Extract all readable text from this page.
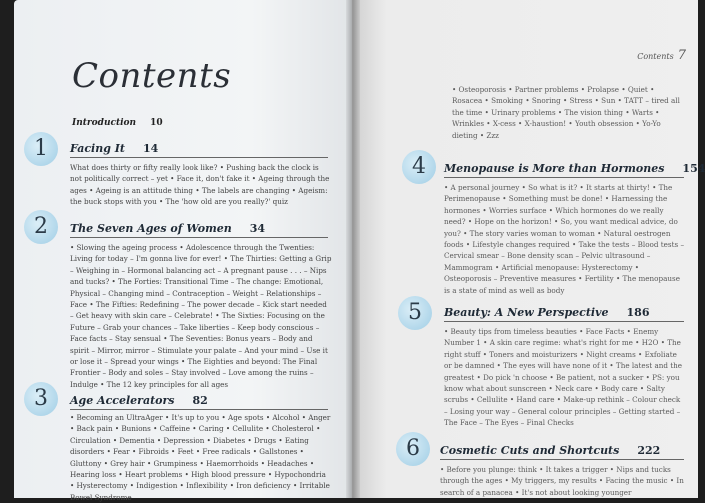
Contents
Introduction 10
1	Facing It 14
What does thirty or fifty really look like? • Pushing back the clock is not politically correct – yet • Face it, don't fake it • Ageing through the ages • Ageing is an attitude thing • The labels are changing • Ageism: the buck stops with you • The 'how old are you really?' quiz
2	The Seven Ages of Women 34
• Slowing the ageing process • Adolescence through the Twenties: Living for today – I'm gonna live for ever! • The Thirties: Getting a Grip – Weighing in – Hormonal balancing act – A pregnant pause . . . – Nips and tucks? • The Forties: Transitional Time – The change: Emotional, Physical – Changing mind – Contraception – Weight – Relationships – Face • The Fifties: Redefining – The power decade – Kick start needed – Get heavy with skin care – Celebrate! • The Sixties: Focusing on the Future – Grab your chances – Take liberties – Keep body conscious – Face facts – Stay sensual • The Seventies: Bonus years – Body and spirit – Mirror, mirror – Stimulate your palate – And your mind – Use it or lose it – Spread your wings • The Eighties and beyond: The Final Frontier – Body and soles – Stay involved – Love among the ruins – Indulge • The 12 key principles for all ages
3	Age Accelerators 82
• Becoming an UltraAger • It's up to you • Age spots • Alcohol • Anger • Back pain • Bunions • Caffeine • Caring • Cellulite • Cholesterol • Circulation • Dementia • Depression • Diabetes • Drugs • Eating disorders • Fear • Fibroids • Feet • Free radicals • Gallstones • Gluttony • Grey hair • Grumpiness • Haemorrhoids • Headaches • Hearing loss • Heart problems • High blood pressure • Hypochondria • Hysterectomy • Indigestion • Inflexibility • Iron deficiency • Irritable Bowel Syndrome
Contents 7
• Osteoporosis • Partner problems • Prolapse • Quiet • Rosacea • Smoking • Snoring • Stress • Sun • TATT – tired all the time • Urinary problems • The vision thing • Warts • Wrinkles • X-cess • X-haustion! • Youth obsession • Yo-Yo dieting • Zzz
4	Menopause is More than Hormones 154
• A personal journey • So what is it? • It starts at thirty! • The Perimenopause • Something must be done! • Harnessing the hormones • Worries surface • Which hormones do we really need? • Hope on the horizon! • So, you want medical advice, do you? • The story varies woman to woman • Natural oestrogen foods • Lifestyle changes required • Take the tests – Blood tests – Cervical smear – Bone density scan – Pelvic ultrasound – Mammogram • Artificial menopause: Hysterectomy • Osteoporosis – Preventive measures • Fertility • The menopause is a state of mind as well as body
5	Beauty: A New Perspective 186
• Beauty tips from timeless beauties • Face Facts • Enemy Number 1 • A skin care regime: what's right for me • H2O • The right stuff • Toners and moisturizers • Night creams • Exfoliate or be damned • The eyes will have none of it • The latest and the greatest • Do pick 'n choose • Be patient, not a sucker • PS: you know what about sunscreen • Neck care • Body care • Salty scrubs • Cellulite • Hand care • Make-up rethink – Colour check – Losing your way – General colour principles – Getting started – The Face – The Eyes – Final Checks
6	Cosmetic Cuts and Shortcuts 222
• Before you plunge: think • It takes a trigger • Nips and tucks through the ages • My triggers, my results • Facing the music • In search of a panacea • It's not about looking younger
